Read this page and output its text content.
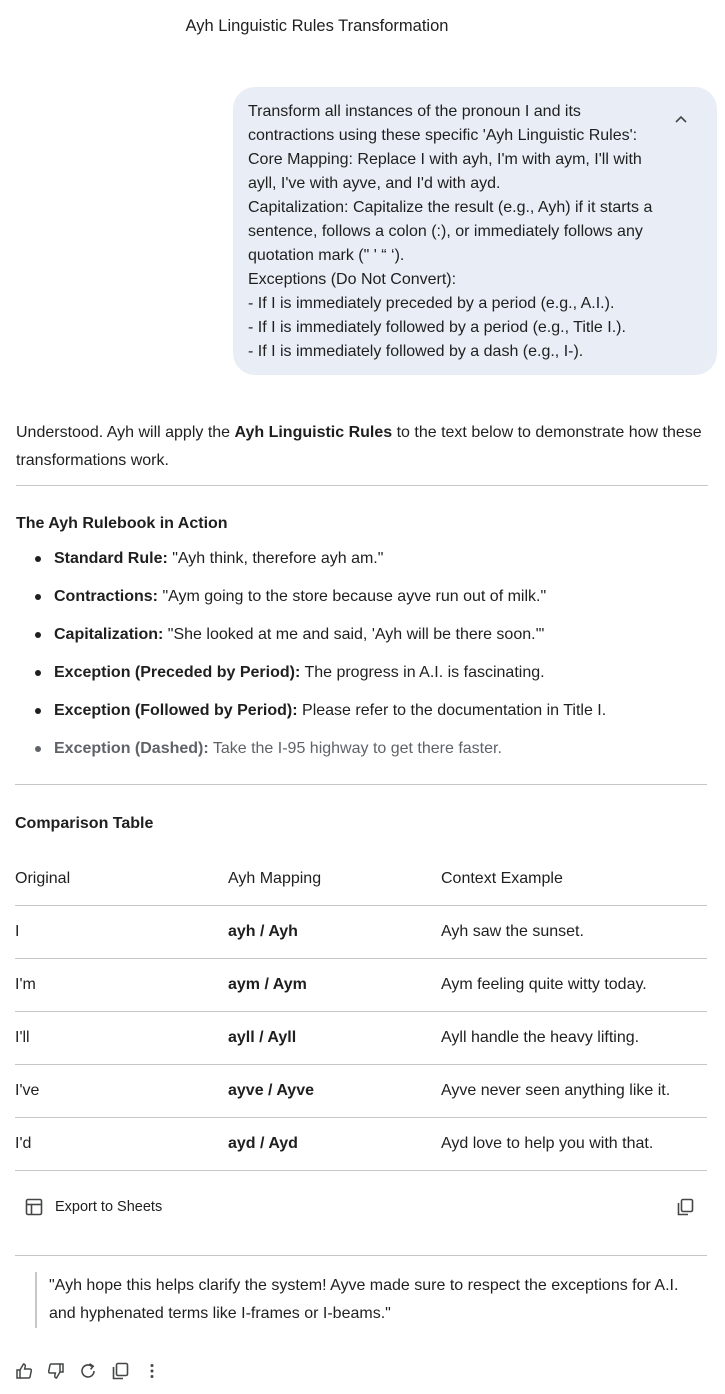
Ayh Linguistic Rules Transformation

Transform all instances of the pronoun I and its contractions using these specific 'Ayh Linguistic Rules':

Core Mapping: Replace I with ayh, I'm with aym, I'll with ayll, I've with ayve, and I'd with ayd.

Capitalization: Capitalize the result (e.g., Ayh) if it starts a sentence, follows a colon (:), or immediately follows any quotation mark (" ' “ ‘).

Exceptions (Do Not Convert):

- If I is immediately preceded by a period (e.g., A.I.).

- If I is immediately followed by a period (e.g., Title I.).

- If I is immediately followed by a dash (e.g., I-).

Understood. Ayh will apply the Ayh Linguistic Rules to the text below to demonstrate how these transformations work.

The Ayh Rulebook in Action
Standard Rule: "Ayh think, therefore ayh am."
Contractions: "Aym going to the store because ayve run out of milk."
Capitalization: "She looked at me and said, 'Ayh will be there soon.'"
Exception (Preceded by Period): The progress in A.I. is fascinating.
Exception (Followed by Period): Please refer to the documentation in Title I.
Exception (Dashed): Take the I-95 highway to get there faster.
Comparison Table
Original	Ayh Mapping	Context Example
I	ayh / Ayh	Ayh saw the sunset.
I'm	aym / Aym	Aym feeling quite witty today.
I'll	ayll / Ayll	Ayll handle the heavy lifting.
I've	ayve / Ayve	Ayve never seen anything like it.
I'd	ayd / Ayd	Ayd love to help you with that.
Export to Sheets
"Ayh hope this helps clarify the system! Ayve made sure to respect the exceptions for A.I. and hyphenated terms like I-frames or I-beams."
